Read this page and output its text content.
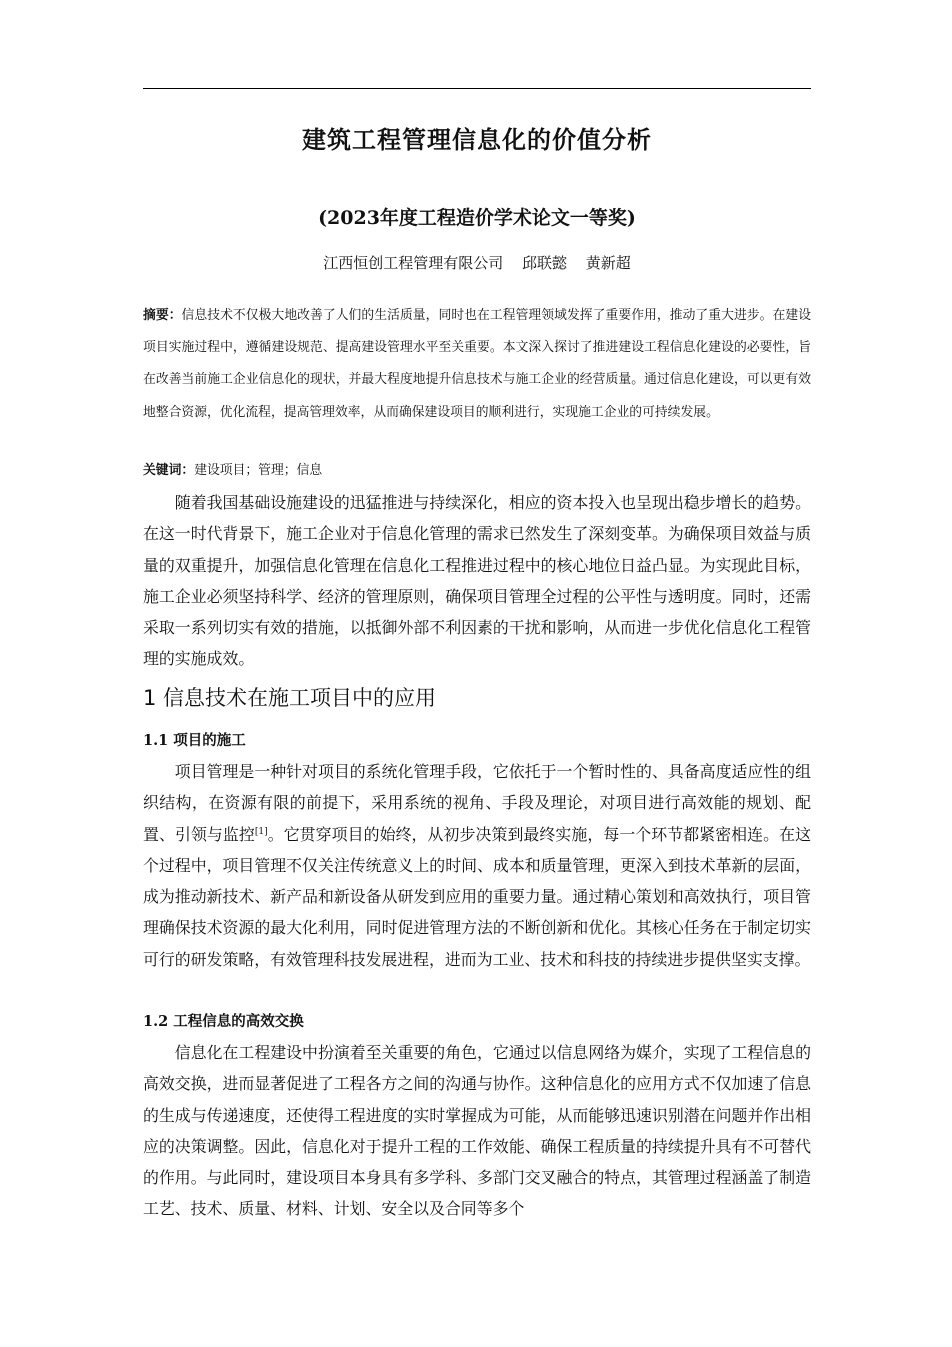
建筑工程管理信息化的价值分析
(2023年度工程造价学术论文一等奖)
江西恒创工程管理有限公司 邱联懿 黄新超
摘要：信息技术不仅极大地改善了人们的生活质量，同时也在工程管理领域发挥了重要作用，推动了重大进步。在建设项目实施过程中，遵循建设规范、提高建设管理水平至关重要。本文深入探讨了推进建设工程信息化建设的必要性，旨在改善当前施工企业信息化的现状，并最大程度地提升信息技术与施工企业的经营质量。通过信息化建设，可以更有效地整合资源，优化流程，提高管理效率，从而确保建设项目的顺利进行，实现施工企业的可持续发展。
关键词：建设项目；管理；信息

随着我国基础设施建设的迅猛推进与持续深化，相应的资本投入也呈现出稳步增长的趋势。在这一时代背景下，施工企业对于信息化管理的需求已然发生了深刻变革。为确保项目效益与质量的双重提升，加强信息化管理在信息化工程推进过程中的核心地位日益凸显。为实现此目标，施工企业必须坚持科学、经济的管理原则，确保项目管理全过程的公平性与透明度。同时，还需采取一系列切实有效的措施，以抵御外部不利因素的干扰和影响，从而进一步优化信息化工程管理的实施成效。

1 信息技术在施工项目中的应用
1.1 项目的施工

项目管理是一种针对项目的系统化管理手段，它依托于一个暂时性的、具备高度适应性的组织结构，在资源有限的前提下，采用系统的视角、手段及理论，对项目进行高效能的规划、配置、引领与监控[1]。它贯穿项目的始终，从初步决策到最终实施，每一个环节都紧密相连。在这个过程中，项目管理不仅关注传统意义上的时间、成本和质量管理，更深入到技术革新的层面，成为推动新技术、新产品和新设备从研发到应用的重要力量。通过精心策划和高效执行，项目管理确保技术资源的最大化利用，同时促进管理方法的不断创新和优化。其核心任务在于制定切实可行的研发策略，有效管理科技发展进程，进而为工业、技术和科技的持续进步提供坚实支撑。

1.2 工程信息的高效交换

信息化在工程建设中扮演着至关重要的角色，它通过以信息网络为媒介，实现了工程信息的高效交换，进而显著促进了工程各方之间的沟通与协作。这种信息化的应用方式不仅加速了信息的生成与传递速度，还使得工程进度的实时掌握成为可能，从而能够迅速识别潜在问题并作出相应的决策调整。因此，信息化对于提升工程的工作效能、确保工程质量的持续提升具有不可替代的作用。与此同时，建设项目本身具有多学科、多部门交叉融合的特点，其管理过程涵盖了制造工艺、技术、质量、材料、计划、安全以及合同等多个
